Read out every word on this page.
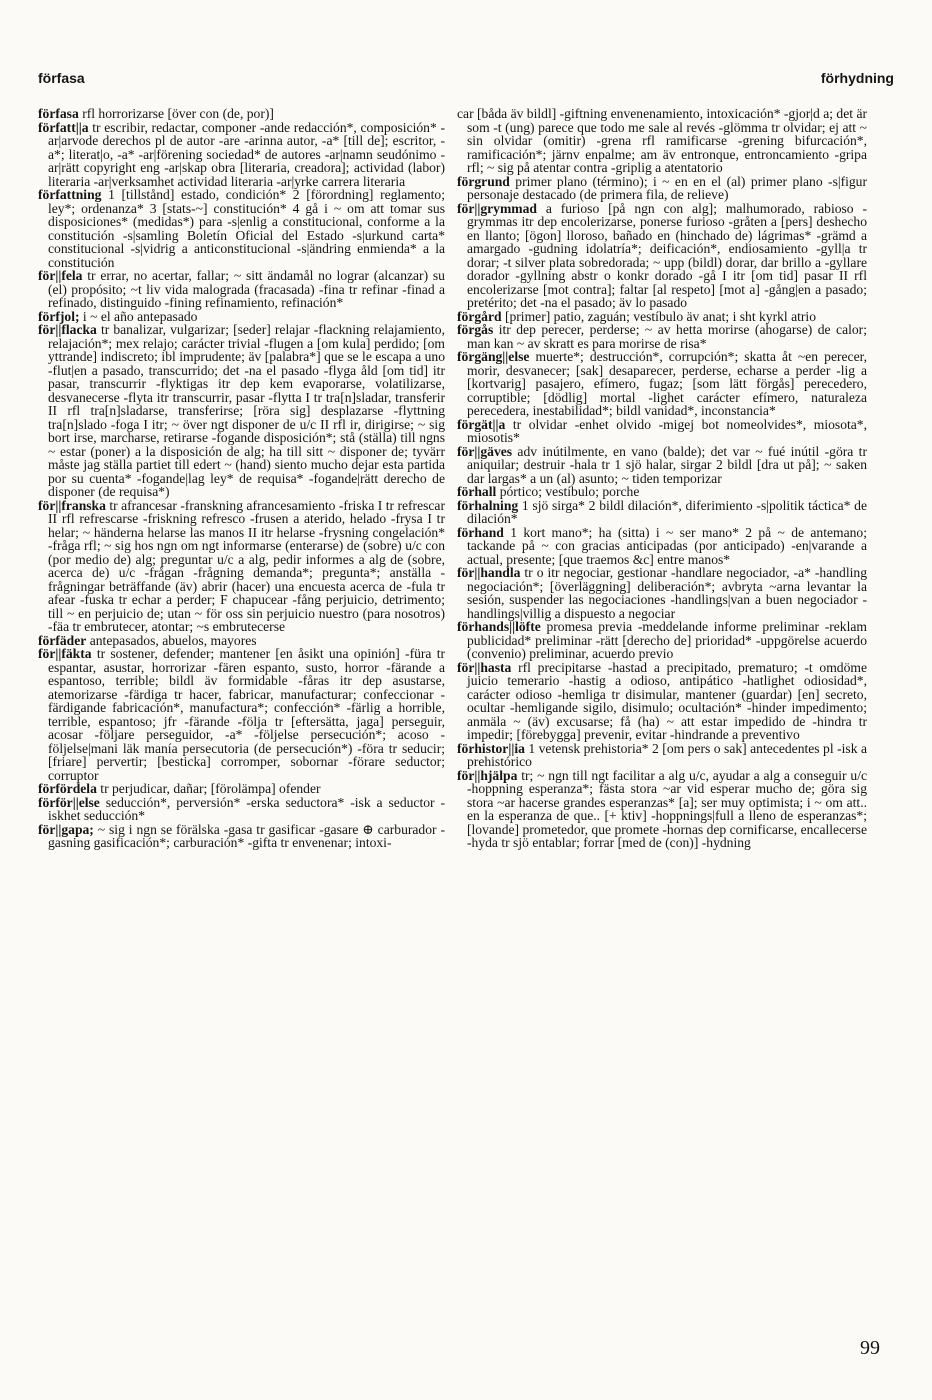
förfasa	förhydning

förfasa rfl horrorizarse [över con (de, por)]

författ||a tr escribir, redactar, componer -ande redacción*, composición* -ar|arvode derechos pl de autor -are -arinna autor, -a* [till de]; escritor, -a*; literat|o, -a* -ar|förening sociedad* de autores -ar|namn seudónimo -ar|rätt copyright eng -ar|skap obra [literaria, creadora]; actividad (labor) literaria -ar|verksamhet actividad literaria -ar|yrke carrera literaria

författning 1 [tillstånd] estado, condición* 2 [förordning] reglamento; ley*; ordenanza* 3 [stats-~] constitución* 4 gå i ~ om att tomar sus disposiciones* (medidas*) para -s|enlig a constitucional, conforme a la constitución -s|samling Boletín Oficial del Estado -s|urkund carta* constitucional -s|vidrig a anticonstitucional -s|ändring enmienda* a la constitución

för||fela tr errar, no acertar, fallar; ~ sitt ändamål no lograr (alcanzar) su (el) propósito; ~t liv vida malograda (fracasada) -fina tr refinar -finad a refinado, distinguido -fining refinamiento, refinación*

förfjol; i ~ el año antepasado

för||flacka tr banalizar, vulgarizar; [seder] relajar -flackning relajamiento, relajación*; mex relajo; carácter trivial -flugen a [om kula] perdido; [om yttrande] indiscreto; ibl imprudente; äv [palabra*] que se le escapa a uno -flut|en a pasado, transcurrido; det -na el pasado -flyga åld [om tid] itr pasar, transcurrir -flyktigas itr dep kem evaporarse, volatilizarse, desvanecerse -flyta itr transcurrir, pasar -flytta I tr tra[n]sladar, transferir II rfl tra[n]sladarse, transferirse; [röra sig] desplazarse -flyttning tra[n]slado -foga I itr; ~ över ngt disponer de u/c II rfl ir, dirigirse; ~ sig bort irse, marcharse, retirarse -fogande disposición*; stå (ställa) till ngns ~ estar (poner) a la disposición de alg; ha till sitt ~ disponer de; tyvärr måste jag ställa partiet till edert ~ (hand) siento mucho dejar esta partida por su cuenta* -fogande|lag ley* de requisa* -fogande|rätt derecho de disponer (de requisa*)

för||franska tr afrancesar -franskning afrancesamiento -friska I tr refrescar II rfl refrescarse -friskning refresco -frusen a aterido, helado -frysa I tr helar; ~ händerna helarse las manos II itr helarse -frysning congelación* -fråga rfl; ~ sig hos ngn om ngt informarse (enterarse) de (sobre) u/c con (por medio de) alg; preguntar u/c a alg, pedir informes a alg de (sobre, acerca de) u/c -frågan -frågning demanda*; pregunta*; anställa -frågningar beträffande (äv) abrir (hacer) una encuesta acerca de -fula tr afear -fuska tr echar a perder; F chapucear -fång perjuicio, detrimento; till ~ en perjuicio de; utan ~ för oss sin perjuicio nuestro (para nosotros) -fäa tr embrutecer, atontar; ~s embrutecerse

förfäder antepasados, abuelos, mayores

för||fäkta tr sostener, defender; mantener [en åsikt una opinión] -füra tr espantar, asustar, horrorizar -fären espanto, susto, horror -färande a espantoso, terrible; bildl äv formidable -fåras itr dep asustarse, atemorizarse -färdiga tr hacer, fabricar, manufacturar; confeccionar -färdigande fabricación*, manufactura*; confección* -färlig a horrible, terrible, espantoso; jfr -färande -följa tr [eftersätta, jaga] perseguir, acosar -följare perseguidor, -a* -följelse persecución*; acoso -följelse|mani läk manía persecutoria (de persecución*) -föra tr seducir; [friare] pervertir; [besticka] corromper, sobornar -förare seductor; corruptor

förfördela tr perjudicar, dañar; [förolämpa] ofender

förför||else seducción*, perversión* -erska seductora* -isk a seductor -iskhet seducción*

för||gapa; ~ sig i ngn se förälska -gasa tr gasificar -gasare ⊕ carburador -gasning gasificación*; carburación* -gifta tr envenenar; intoxi-

car [båda äv bildl] -giftning envenenamiento, intoxicación* -gjor|d a; det är som -t (ung) parece que todo me sale al revés -glömma tr olvidar; ej att ~ sin olvidar (omitir) -grena rfl ramificarse -grening bifurcación*, ramificación*; järnv enpalme; am äv entronque, entroncamiento -gripa rfl; ~ sig på atentar contra -griplig a atentatorio

förgrund primer plano (término); i ~ en en el (al) primer plano -s|figur personaje destacado (de primera fila, de relieve)

för||grymmad a furioso [på ngn con alg]; malhumorado, rabioso -grymmas itr dep encolerizarse, ponerse furioso -gråten a [pers] deshecho en llanto; [ögon] lloroso, bañado en (hinchado de) lágrimas* -grämd a amargado -gudning idolatría*; deificación*, endiosamiento -gyll|a tr dorar; -t silver plata sobredorada; ~ upp (bildl) dorar, dar brillo a -gyllare dorador -gyllning abstr o konkr dorado -gå I itr [om tid] pasar II rfl encolerizarse [mot contra]; faltar [al respeto] [mot a] -gång|en a pasado; pretérito; det -na el pasado; äv lo pasado

förgård [primer] patio, zaguán; vestíbulo äv anat; i sht kyrkl atrio

förgås itr dep perecer, perderse; ~ av hetta morirse (ahogarse) de calor; man kan ~ av skratt es para morirse de risa*

förgäng||else muerte*; destrucción*, corrupción*; skatta åt ~en perecer, morir, desvanecer; [sak] desaparecer, perderse, echarse a perder -lig a [kortvarig] pasajero, efímero, fugaz; [som lätt förgås] perecedero, corruptible; [dödlig] mortal -lighet carácter efímero, naturaleza perecedera, inestabilidad*; bildl vanidad*, inconstancia*

förgät||a tr olvidar -enhet olvido -migej bot nomeolvides*, miosota*, miosotis*

för||gäves adv inútilmente, en vano (balde); det var ~ fué inútil -göra tr aniquilar; destruir -hala tr 1 sjö halar, sirgar 2 bildl [dra ut på]; ~ saken dar largas* a un (al) asunto; ~ tiden temporizar

förhall pórtico; vestíbulo; porche

förhalning 1 sjö sirga* 2 bildl dilación*, diferimiento -s|politik táctica* de dilación*

förhand 1 kort mano*; ha (sitta) i ~ ser mano* 2 på ~ de antemano; tackande på ~ con gracias anticipadas (por anticipado) -en|varande a actual, presente; [que traemos &c] entre manos*

för||handla tr o itr negociar, gestionar -handlare negociador, -a* -handling negociación*; [överläggning] deliberación*; avbryta ~arna levantar la sesión, suspender las negociaciones -handlings|van a buen negociador -handlings|villig a dispuesto a negociar

förhands||löfte promesa previa -meddelande informe preliminar -reklam publicidad* preliminar -rätt [derecho de] prioridad* -uppgörelse acuerdo (convenio) preliminar, acuerdo previo

för||hasta rfl precipitarse -hastad a precipitado, prematuro; -t omdöme juicio temerario -hastig a odioso, antipático -hatlighet odiosidad*, carácter odioso -hemliga tr disimular, mantener (guardar) [en] secreto, ocultar -hemligande sigilo, disimulo; ocultación* -hinder impedimento; anmäla ~ (äv) excusarse; få (ha) ~ att estar impedido de -hindra tr impedir; [förebygga] prevenir, evitar -hindrande a preventivo

förhistor||ia 1 vetensk prehistoria* 2 [om pers o sak] antecedentes pl -isk a prehistórico

för||hjälpa tr; ~ ngn till ngt facilitar a alg u/c, ayudar a alg a conseguir u/c -hoppning esperanza*; fästa stora ~ar vid esperar mucho de; göra sig stora ~ar hacerse grandes esperanzas* [a]; ser muy optimista; i ~ om att.. en la esperanza de que.. [+ ktiv] -hoppnings|full a lleno de esperanzas*; [lovande] prometedor, que promete -hornas dep cornificarse, encallecerse -hyda tr sjö entablar; forrar [med de (con)] -hydning

99
